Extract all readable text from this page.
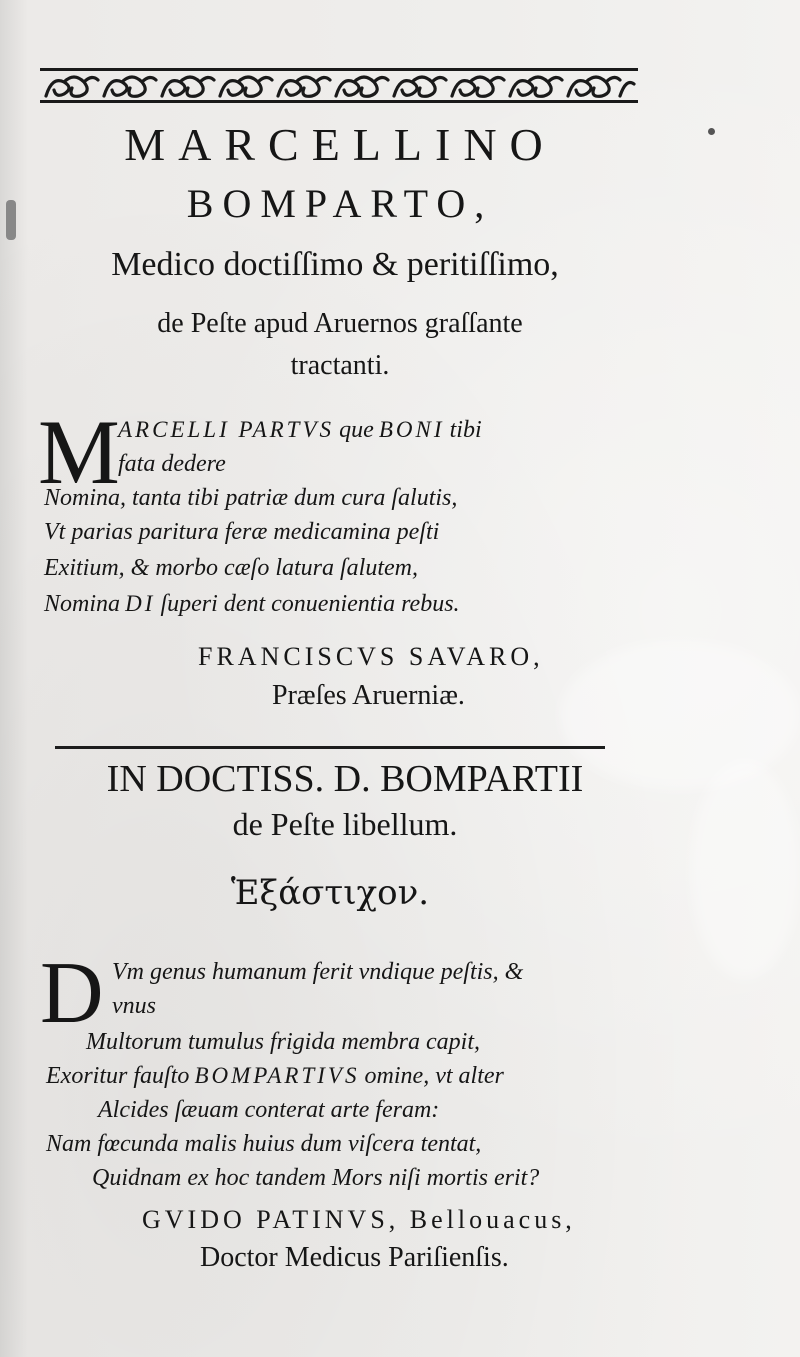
MARCELLINO
BOMPARTO,
Medico doctiſſimo & peritiſſimo,
de Peſte apud Aruernos graſſante
tractanti.
M
ARCELLI PARTVS que BONI tibi
fata dedere
Nomina, tanta tibi patriæ dum cura ſalutis,
Vt parias paritura feræ medicamina peſti
Exitium, & morbo cæſo latura ſalutem,
Nomina DI ſuperi dent conuenientia rebus.
FRANCISCVS SAVARO,
Præſes Aruerniæ.
IN DOCTISS. D. BOMPARTII
de Peſte libellum.
Ἑξάστιχον.
D Vm genus humanum ferit vndique peſtis, &
vnus
Multorum tumulus frigida membra capit,
Exoritur fauſto BOMPARTIVS omine, vt alter
Alcides ſæuam conterat arte feram:
Nam fœcunda malis huius dum viſcera tentat,
Quidnam ex hoc tandem Mors niſi mortis erit?
GVIDO PATINVS, Bellouacus,
Doctor Medicus Pariſienſis.
